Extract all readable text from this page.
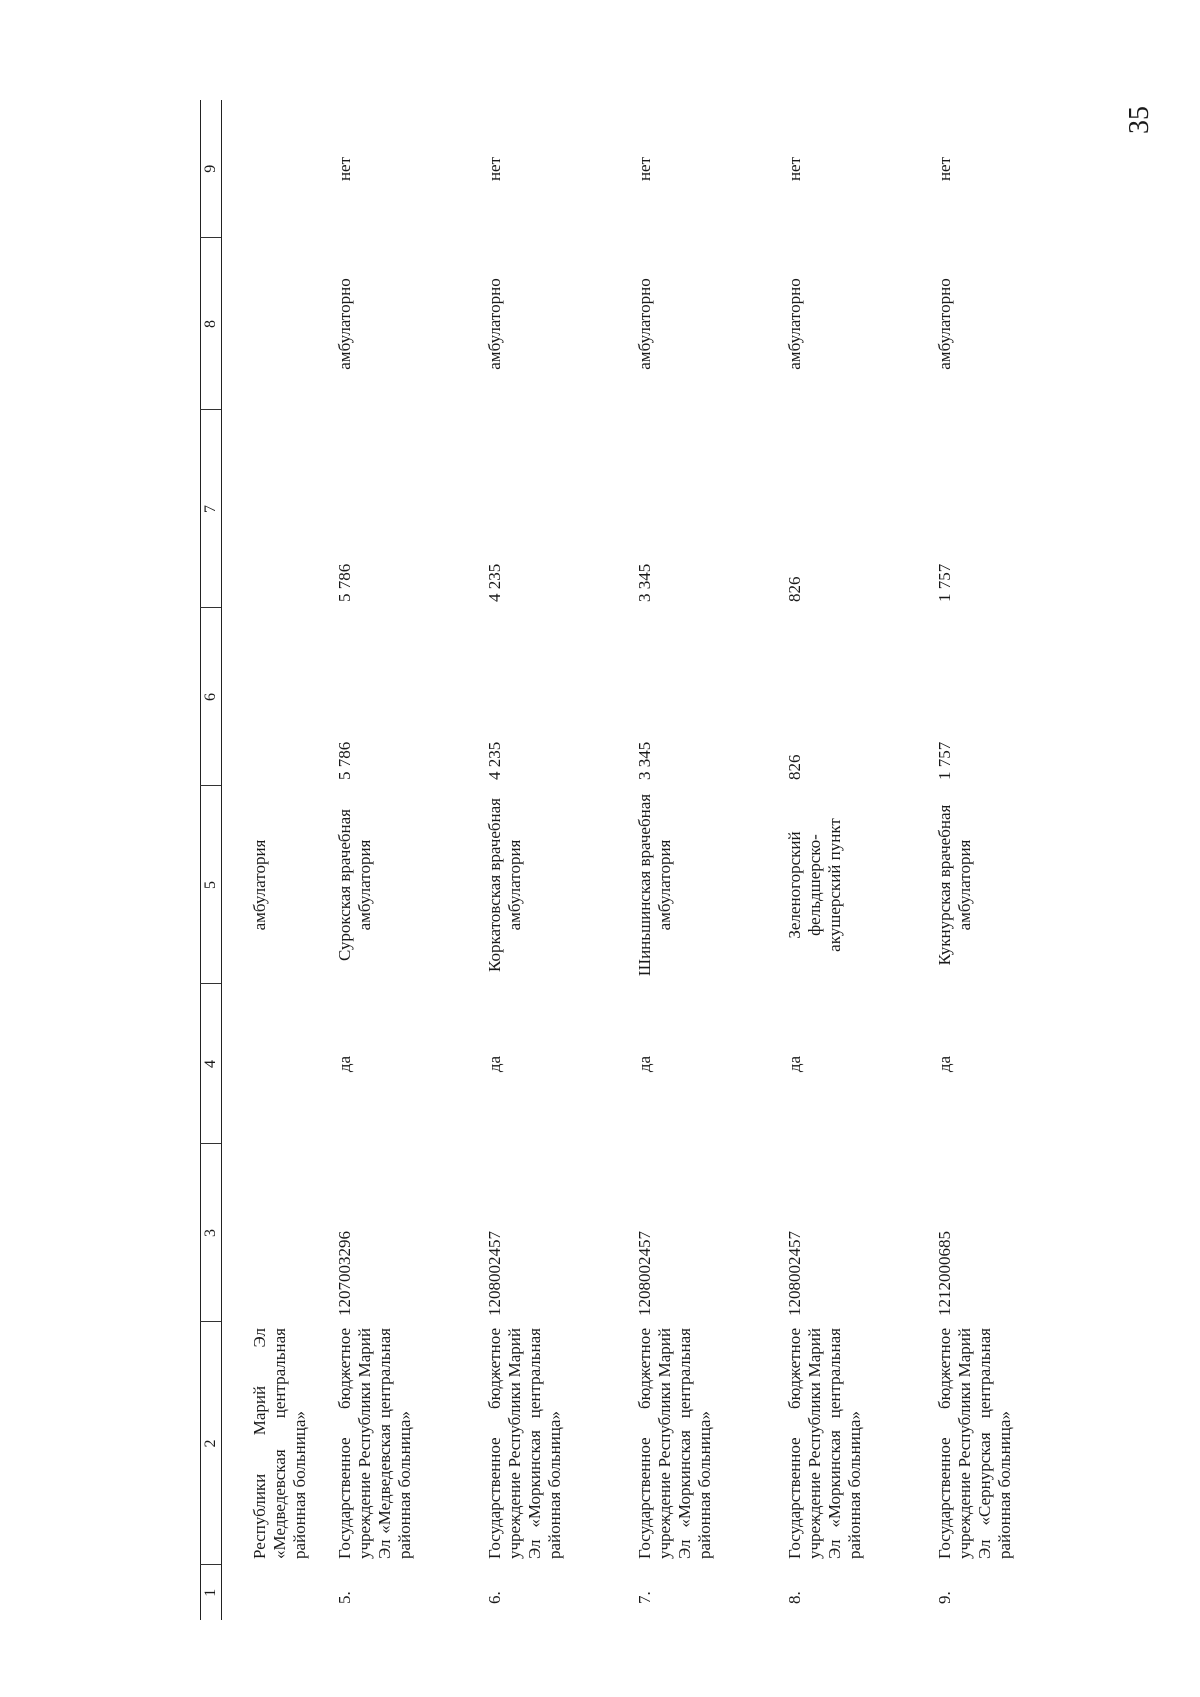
35
1	2	3	4	5	6	7	8	9
	Республики Марий Эл «Медведевская центральная районная больница»			амбулатория				
5.	Государственное бюджетное учреждение Республики Марий Эл «Медведевская центральная районная больница»	1207003296	да	Сурокская врачебная амбулатория	5 786	5 786	амбулаторно	нет
6.	Государственное бюджетное учреждение Республики Марий Эл «Моркинская центральная районная больница»	1208002457	да	Коркатовская врачебная амбулатория	4 235	4 235	амбулаторно	нет
7.	Государственное бюджетное учреждение Республики Марий Эл «Моркинская центральная районная больница»	1208002457	да	Шиньшинская врачебная амбулатория	3 345	3 345	амбулаторно	нет
8.	Государственное бюджетное учреждение Республики Марий Эл «Моркинская центральная районная больница»	1208002457	да	Зеленогорский фельдшерско-акушерский пункт	826	826	амбулаторно	нет
9.	Государственное бюджетное учреждение Республики Марий Эл «Сернурская центральная районная больница»	1212000685	да	Кукнурская врачебная амбулатория	1 757	1 757	амбулаторно	нет
